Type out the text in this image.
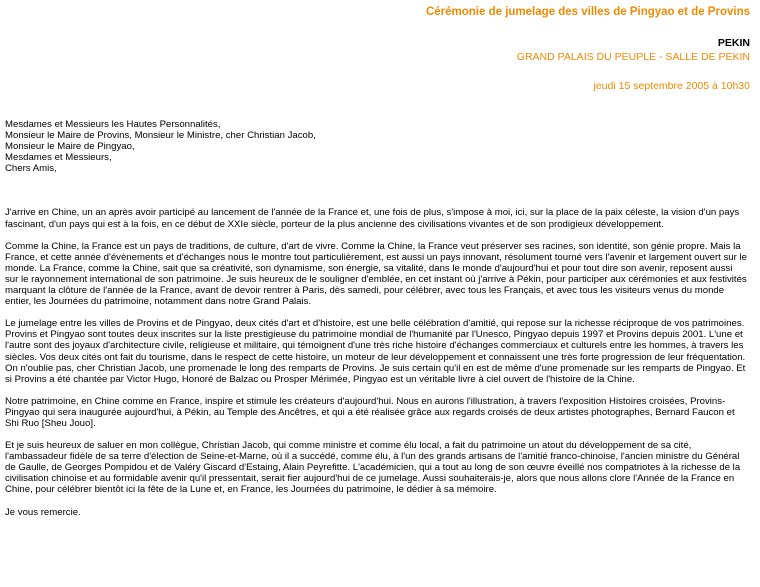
Cérémonie de jumelage des villes de Pingyao et de Provins
PEKIN
GRAND PALAIS DU PEUPLE - SALLE DE PEKIN
jeudi 15 septembre 2005 à 10h30
Mesdames et Messieurs les Hautes Personnalités,
Monsieur le Maire de Provins, Monsieur le Ministre, cher Christian Jacob,
Monsieur le Maire de Pingyao,
Mesdames et Messieurs,
Chers Amis,

J'arrive en Chine, un an après avoir participé au lancement de l'année de la France et, une fois de plus, s'impose à moi, ici, sur la place de la paix céleste, la vision d'un pays fascinant, d'un pays qui est à la fois, en ce début de XXIe siècle, porteur de la plus ancienne des civilisations vivantes et de son prodigieux développement.

Comme la Chine, la France est un pays de traditions, de culture, d'art de vivre. Comme la Chine, la France veut préserver ses racines, son identité, son génie propre. Mais la France, et cette année d'évènements et d'échanges nous le montre tout particulièrement, est aussi un pays innovant, résolument tourné vers l'avenir et largement ouvert sur le monde. La France, comme la Chine, sait que sa créativité, son dynamisme, son énergie, sa vitalité, dans le monde d'aujourd'hui et pour tout dire son avenir, reposent aussi sur le rayonnement international de son patrimoine. Je suis heureux de le souligner d'emblée, en cet instant où j'arrive à Pékin, pour participer aux cérémonies et aux festivités marquant la clôture de l'année de la France, avant de devoir rentrer à Paris, dès samedi, pour célébrer, avec tous les Français, et avec tous les visiteurs venus du monde entier, les Journées du patrimoine, notamment dans notre Grand Palais.

Le jumelage entre les villes de Provins et de Pingyao, deux cités d'art et d'histoire, est une belle célébration d'amitié, qui repose sur la richesse réciproque de vos patrimoines. Provins et Pingyao sont toutes deux inscrites sur la liste prestigieuse du patrimoine mondial de l'humanité par l'Unesco, Pingyao depuis 1997 et Provins depuis 2001. L'une et l'autre sont des joyaux d'architecture civile, religieuse et militaire, qui témoignent d'une très riche histoire d'échanges commerciaux et culturels entre les hommes, à travers les siècles. Vos deux cités ont fait du tourisme, dans le respect de cette histoire, un moteur de leur développement et connaissent une très forte progression de leur fréquentation. On n'oublie pas, cher Christian Jacob, une promenade le long des remparts de Provins. Je suis certain qu'il en est de même d'une promenade sur les remparts de Pingyao. Et si Provins a été chantée par Victor Hugo, Honoré de Balzac ou Prosper Mérimée, Pingyao est un véritable livre à ciel ouvert de l'histoire de la Chine.

Notre patrimoine, en Chine comme en France, inspire et stimule les créateurs d'aujourd'hui. Nous en aurons l'illustration, à travers l'exposition Histoires croisées, Provins-Pingyao qui sera inaugurée aujourd'hui, à Pékin, au Temple des Ancêtres, et qui a été réalisée grâce aux regards croisés de deux artistes photographes, Bernard Faucon et Shi Ruo [Sheu Jouo].

Et je suis heureux de saluer en mon collègue, Christian Jacob, qui comme ministre et comme élu local, a fait du patrimoine un atout du développement de sa cité, l'ambassadeur fidèle de sa terre d'élection de Seine-et-Marne, où il a succédé, comme élu, à l'un des grands artisans de l'amitié franco-chinoise, l'ancien ministre du Général de Gaulle, de Georges Pompidou et de Valéry Giscard d'Estaing, Alain Peyrefitte. L'académicien, qui a tout au long de son œuvre éveillé nos compatriotes à la richesse de la civilisation chinoise et au formidable avenir qu'il pressentait, serait fier aujourd'hui de ce jumelage. Aussi souhaiterais-je, alors que nous allons clore l'Année de la France en Chine, pour célébrer bientôt ici la fête de la Lune et, en France, les Journées du patrimoine, le dédier à sa mémoire.

Je vous remercie.
